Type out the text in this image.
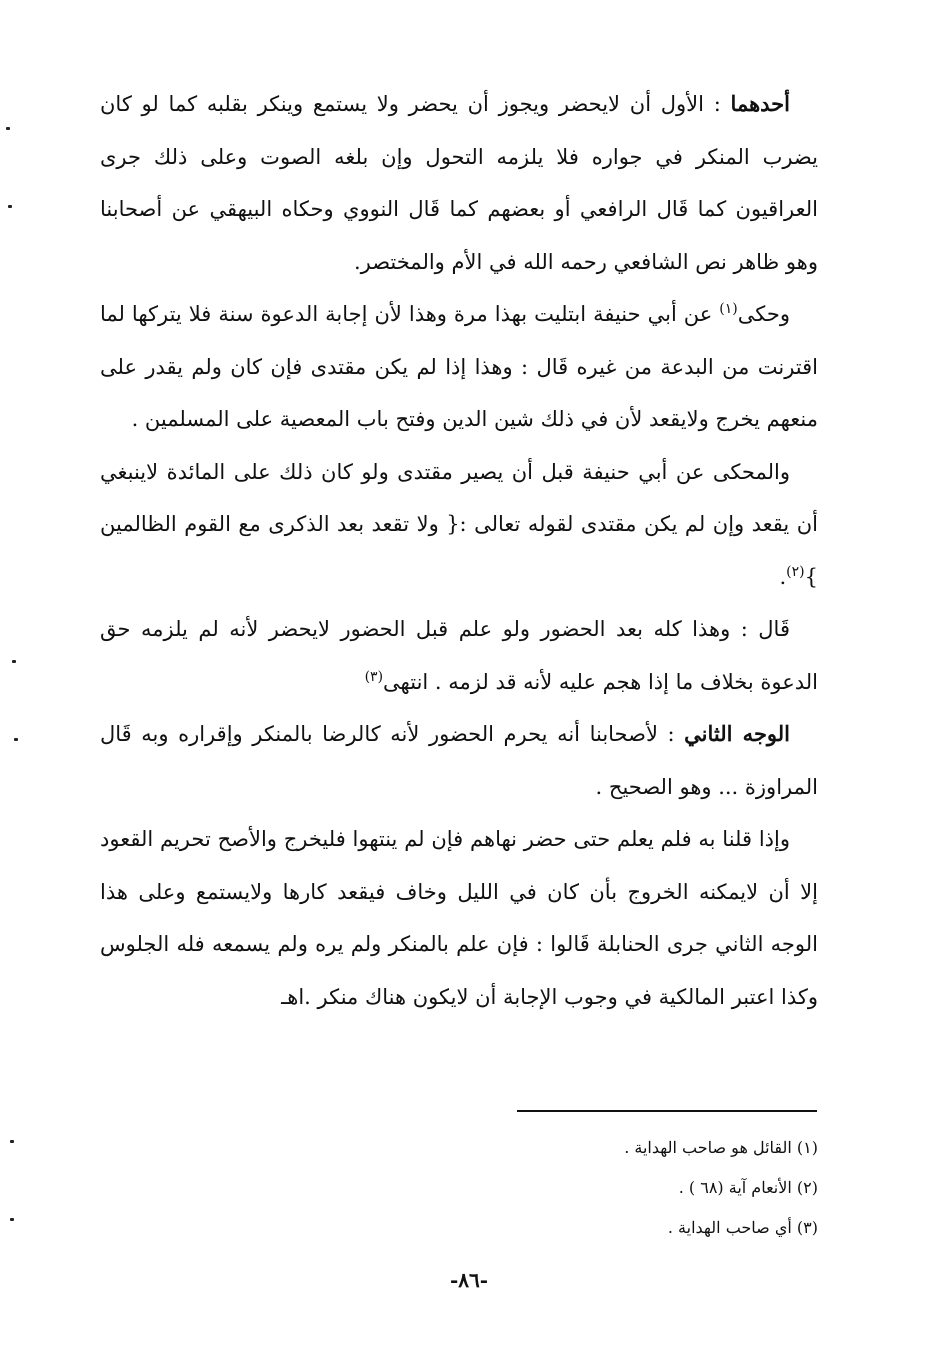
أحدهما : الأول أن لايحضر ويجوز أن يحضر ولا يستمع وينكر بقلبه كما لو كان يضرب المنكر في جواره فلا يلزمه التحول وإن بلغه الصوت وعلى ذلك جرى العراقيون كما قَال الرافعي أو بعضهم كما قَال النووي وحكاه البيهقي عن أصحابنا وهو ظاهر نص الشافعي رحمه الله في الأم والمختصر.

وحكى$^{(١)}$ عن أبي حنيفة ابتليت بهذا مرة وهذا لأن إجابة الدعوة سنة فلا يتركها لما اقترنت من البدعة من غيره قَال : وهذا إذا لم يكن مقتدى فإن كان ولم يقدر على منعهم يخرج ولايقعد لأن في ذلك شين الدين وفتح باب المعصية على المسلمين .

والمحكى عن أبي حنيفة قبل أن يصير مقتدى ولو كان ذلك على المائدة لاينبغي أن يقعد وإن لم يكن مقتدى لقوله تعالى :{ ولا تقعد بعد الذكرى مع القوم الظالمين }$^{(٢)}$.

قَال : وهذا كله بعد الحضور ولو علم قبل الحضور لايحضر لأنه لم يلزمه حق الدعوة بخلاف ما إذا هجم عليه لأنه قد لزمه . انتهى$^{(٣)}$

الوجه الثاني : لأصحابنا أنه يحرم الحضور لأنه كالرضا بالمنكر وإقراره وبه قَال المراوزة ... وهو الصحيح .

وإذا قلنا به فلم يعلم حتى حضر نهاهم فإن لم ينتهوا فليخرج والأصح تحريم القعود إلا أن لايمكنه الخروج بأن كان في الليل وخاف فيقعد كارها ولايستمع وعلى هذا الوجه الثاني جرى الحنابلة قَالوا : فإن علم بالمنكر ولم يره ولم يسمعه فله الجلوس وكذا اعتبر المالكية في وجوب الإجابة أن لايكون هناك منكر .اهـ

(١) القائل هو صاحب الهداية .

(٢) الأنعام آية (٦٨ ) .

(٣) أي صاحب الهداية .

-٨٦-
